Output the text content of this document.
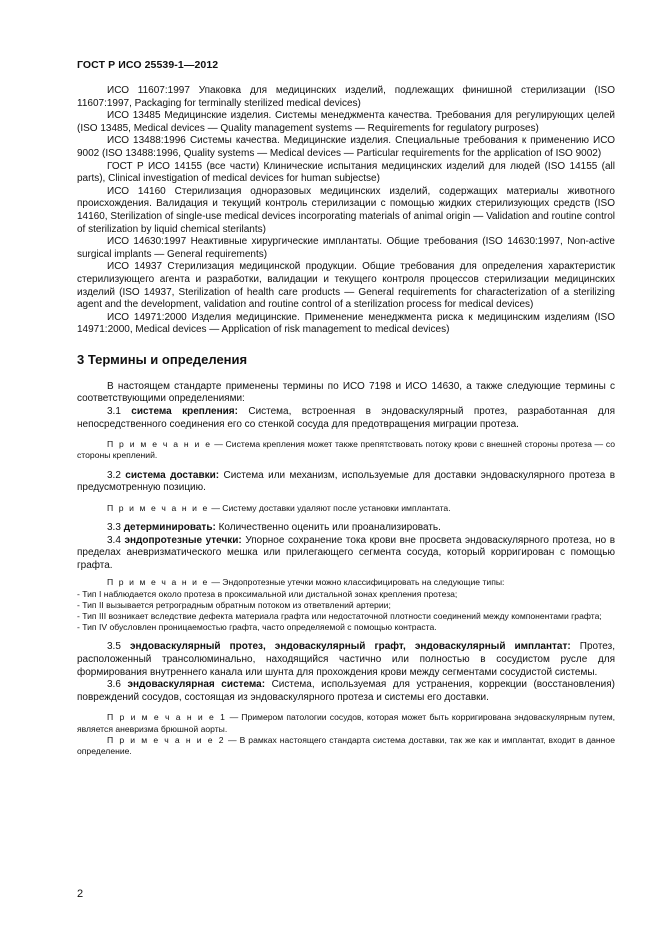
ГОСТ Р ИСО 25539-1—2012

ИСО 11607:1997 Упаковка для медицинских изделий, подлежащих финишной стерилизации (ISO 11607:1997, Packaging for terminally sterilized medical devices)

ИСО 13485 Медицинские изделия. Системы менеджмента качества. Требования для регулирующих целей (ISO 13485, Medical devices — Quality management systems — Requirements for regulatory purposes)

ИСО 13488:1996 Системы качества. Медицинские изделия. Специальные требования к применению ИСО 9002 (ISO 13488:1996, Quality systems — Medical devices — Particular requirements for the application of ISO 9002)

ГОСТ Р ИСО 14155 (все части) Клинические испытания медицинских изделий для людей (ISO 14155 (all parts), Clinical investigation of medical devices for human subjectse)

ИСО 14160 Стерилизация одноразовых медицинских изделий, содержащих материалы животного происхождения. Валидация и текущий контроль стерилизации с помощью жидких стерилизующих средств (ISO 14160, Sterilization of single-use medical devices incorporating materials of animal origin — Validation and routine control of sterilization by liquid chemical sterilants)

ИСО 14630:1997 Неактивные хирургические имплантаты. Общие требования (ISO 14630:1997, Non-active surgical implants — General requirements)

ИСО 14937 Стерилизация медицинской продукции. Общие требования для определения характеристик стерилизующего агента и разработки, валидации и текущего контроля процессов стерилизации медицинских изделий (ISO 14937, Sterilization of health care products — General requirements for characterization of a sterilizing agent and the development, validation and routine control of a sterilization process for medical devices)

ИСО 14971:2000 Изделия медицинские. Применение менеджмента риска к медицинским изделиям (ISO 14971:2000, Medical devices — Application of risk management to medical devices)

3 Термины и определения

В настоящем стандарте применены термины по ИСО 7198 и ИСО 14630, а также следующие термины с соответствующими определениями:

3.1 система крепления: Система, встроенная в эндоваскулярный протез, разработанная для непосредственного соединения его со стенкой сосуда для предотвращения миграции протеза.

П р и м е ч а н и е — Система крепления может также препятствовать потоку крови с внешней стороны протеза — со стороны креплений.

3.2 система доставки: Система или механизм, используемые для доставки эндоваскулярного протеза в предусмотренную позицию.

П р и м е ч а н и е — Систему доставки удаляют после установки имплантата.

3.3 детерминировать: Количественно оценить или проанализировать.

3.4 эндопротезные утечки: Упорное сохранение тока крови вне просвета эндоваскулярного протеза, но в пределах аневризматического мешка или прилегающего сегмента сосуда, который корригирован с помощью графта.

П р и м е ч а н и е — Эндопротезные утечки можно классифицировать на следующие типы:

- Тип I наблюдается около протеза в проксимальной или дистальной зонах крепления протеза;

- Тип II вызывается ретроградным обратным потоком из ответвлений артерии;

- Тип III возникает вследствие дефекта материала графта или недостаточной плотности соединений между компонентами графта;

- Тип IV обусловлен проницаемостью графта, часто определяемой с помощью контраста.

3.5 эндоваскулярный протез, эндоваскулярный графт, эндоваскулярный имплантат: Протез, расположенный трансолюминально, находящийся частично или полностью в сосудистом русле для формирования внутреннего канала или шунта для прохождения крови между сегментами сосудистой системы.

3.6 эндоваскулярная система: Система, используемая для устранения, коррекции (восстановления) повреждений сосудов, состоящая из эндоваскулярного протеза и системы его доставки.

П р и м е ч а н и е 1 — Примером патологии сосудов, которая может быть корригирована эндоваскулярным путем, является аневризма брюшной аорты.

П р и м е ч а н и е 2 — В рамках настоящего стандарта система доставки, так же как и имплантат, входит в данное определение.

2
